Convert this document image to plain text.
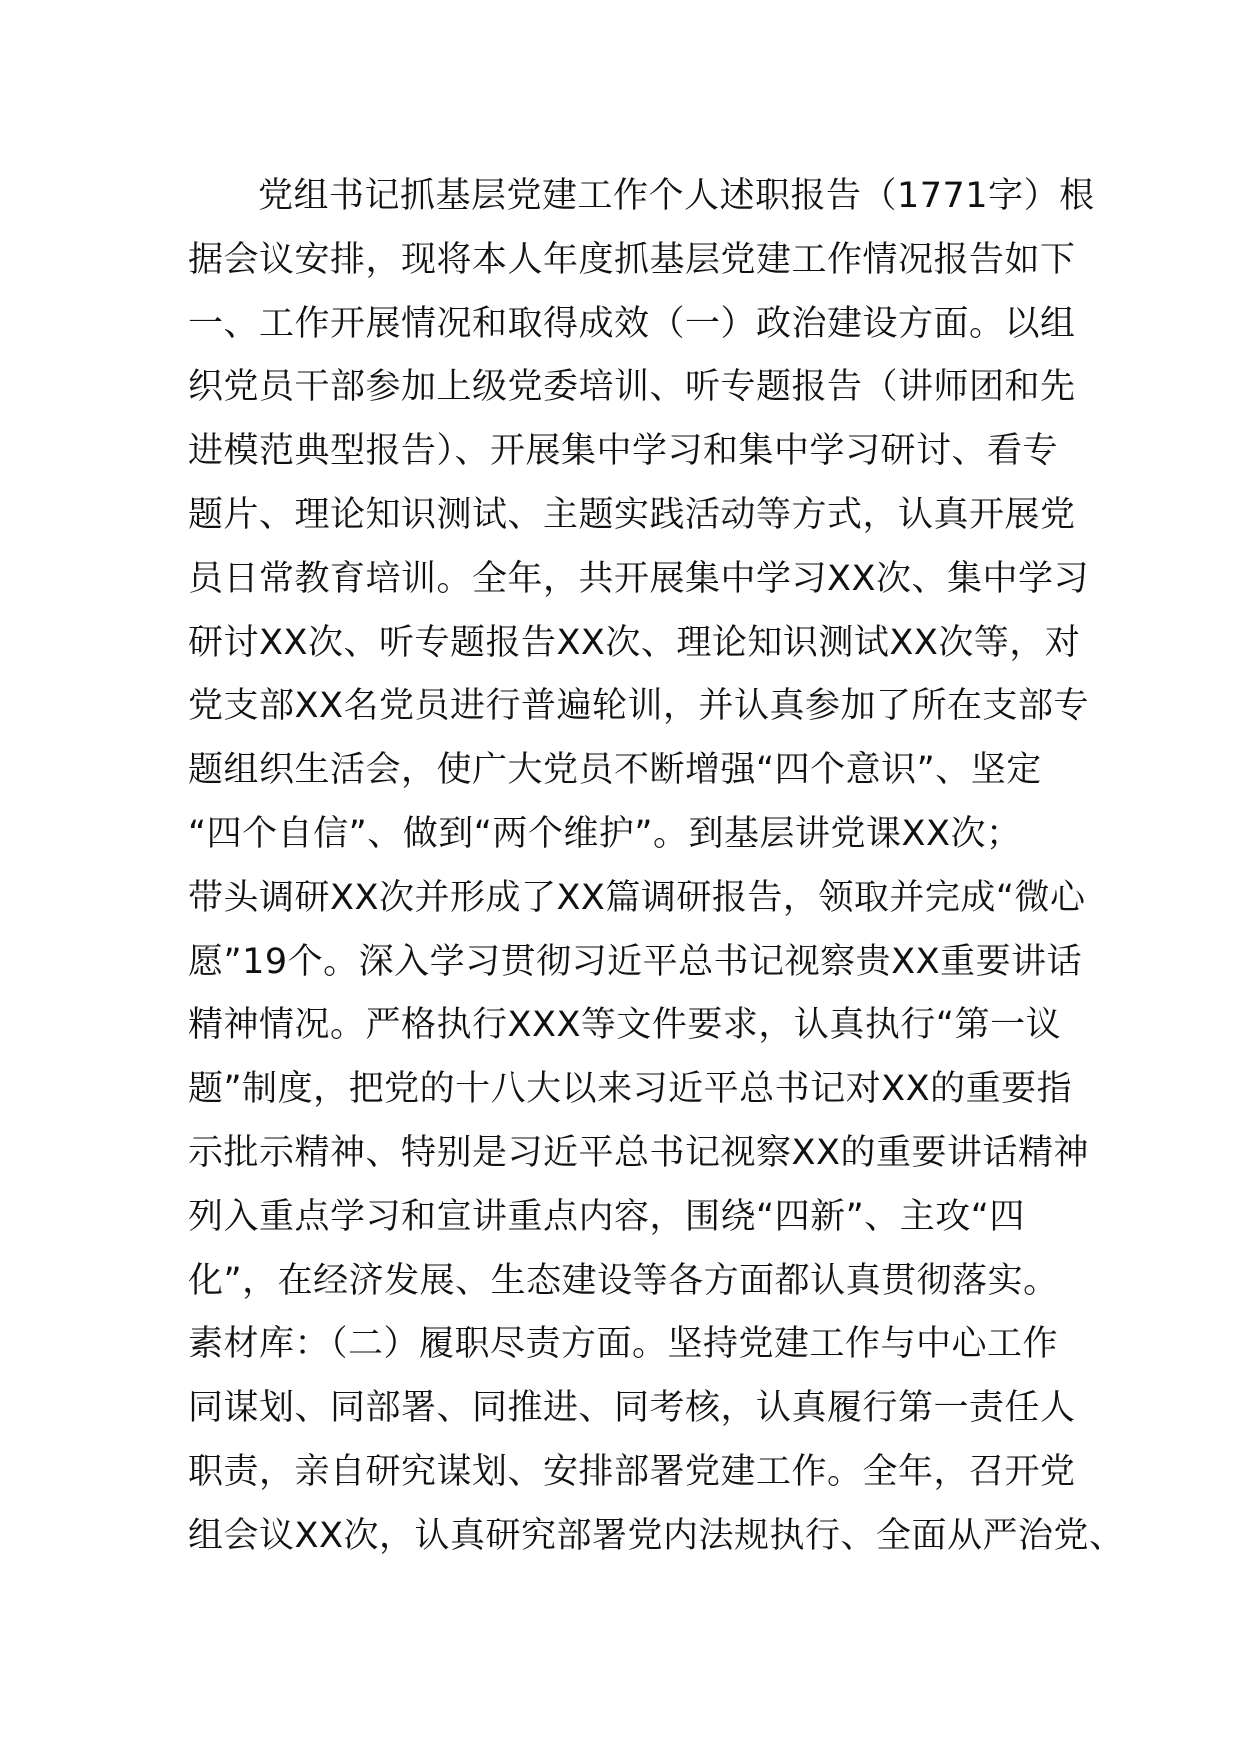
党组书记抓基层党建工作个人述职报告（1771字）根
据会议安排，现将本人年度抓基层党建工作情况报告如下
一、工作开展情况和取得成效（一）政治建设方面。以组
织党员干部参加上级党委培训、听专题报告（讲师团和先
进模范典型报告）、开展集中学习和集中学习研讨、看专
题片、理论知识测试、主题实践活动等方式，认真开展党
员日常教育培训。全年，共开展集中学习XX次、集中学习
研讨XX次、听专题报告XX次、理论知识测试XX次等，对
党支部XX名党员进行普遍轮训，并认真参加了所在支部专
题组织生活会，使广大党员不断增强“四个意识”、坚定
“四个自信”、做到“两个维护”。到基层讲党课XX次；
带头调研XX次并形成了XX篇调研报告，领取并完成“微心
愿”19个。深入学习贯彻习近平总书记视察贵XX重要讲话
精神情况。严格执行XXX等文件要求，认真执行“第一议
题”制度，把党的十八大以来习近平总书记对XX的重要指
示批示精神、特别是习近平总书记视察XX的重要讲话精神
列入重点学习和宣讲重点内容，围绕“四新”、主攻“四
化”，在经济发展、生态建设等各方面都认真贯彻落实。
素材库：（二）履职尽责方面。坚持党建工作与中心工作
同谋划、同部署、同推进、同考核，认真履行第一责任人
职责，亲自研究谋划、安排部署党建工作。全年，召开党
组会议XX次，认真研究部署党内法规执行、全面从严治党、
